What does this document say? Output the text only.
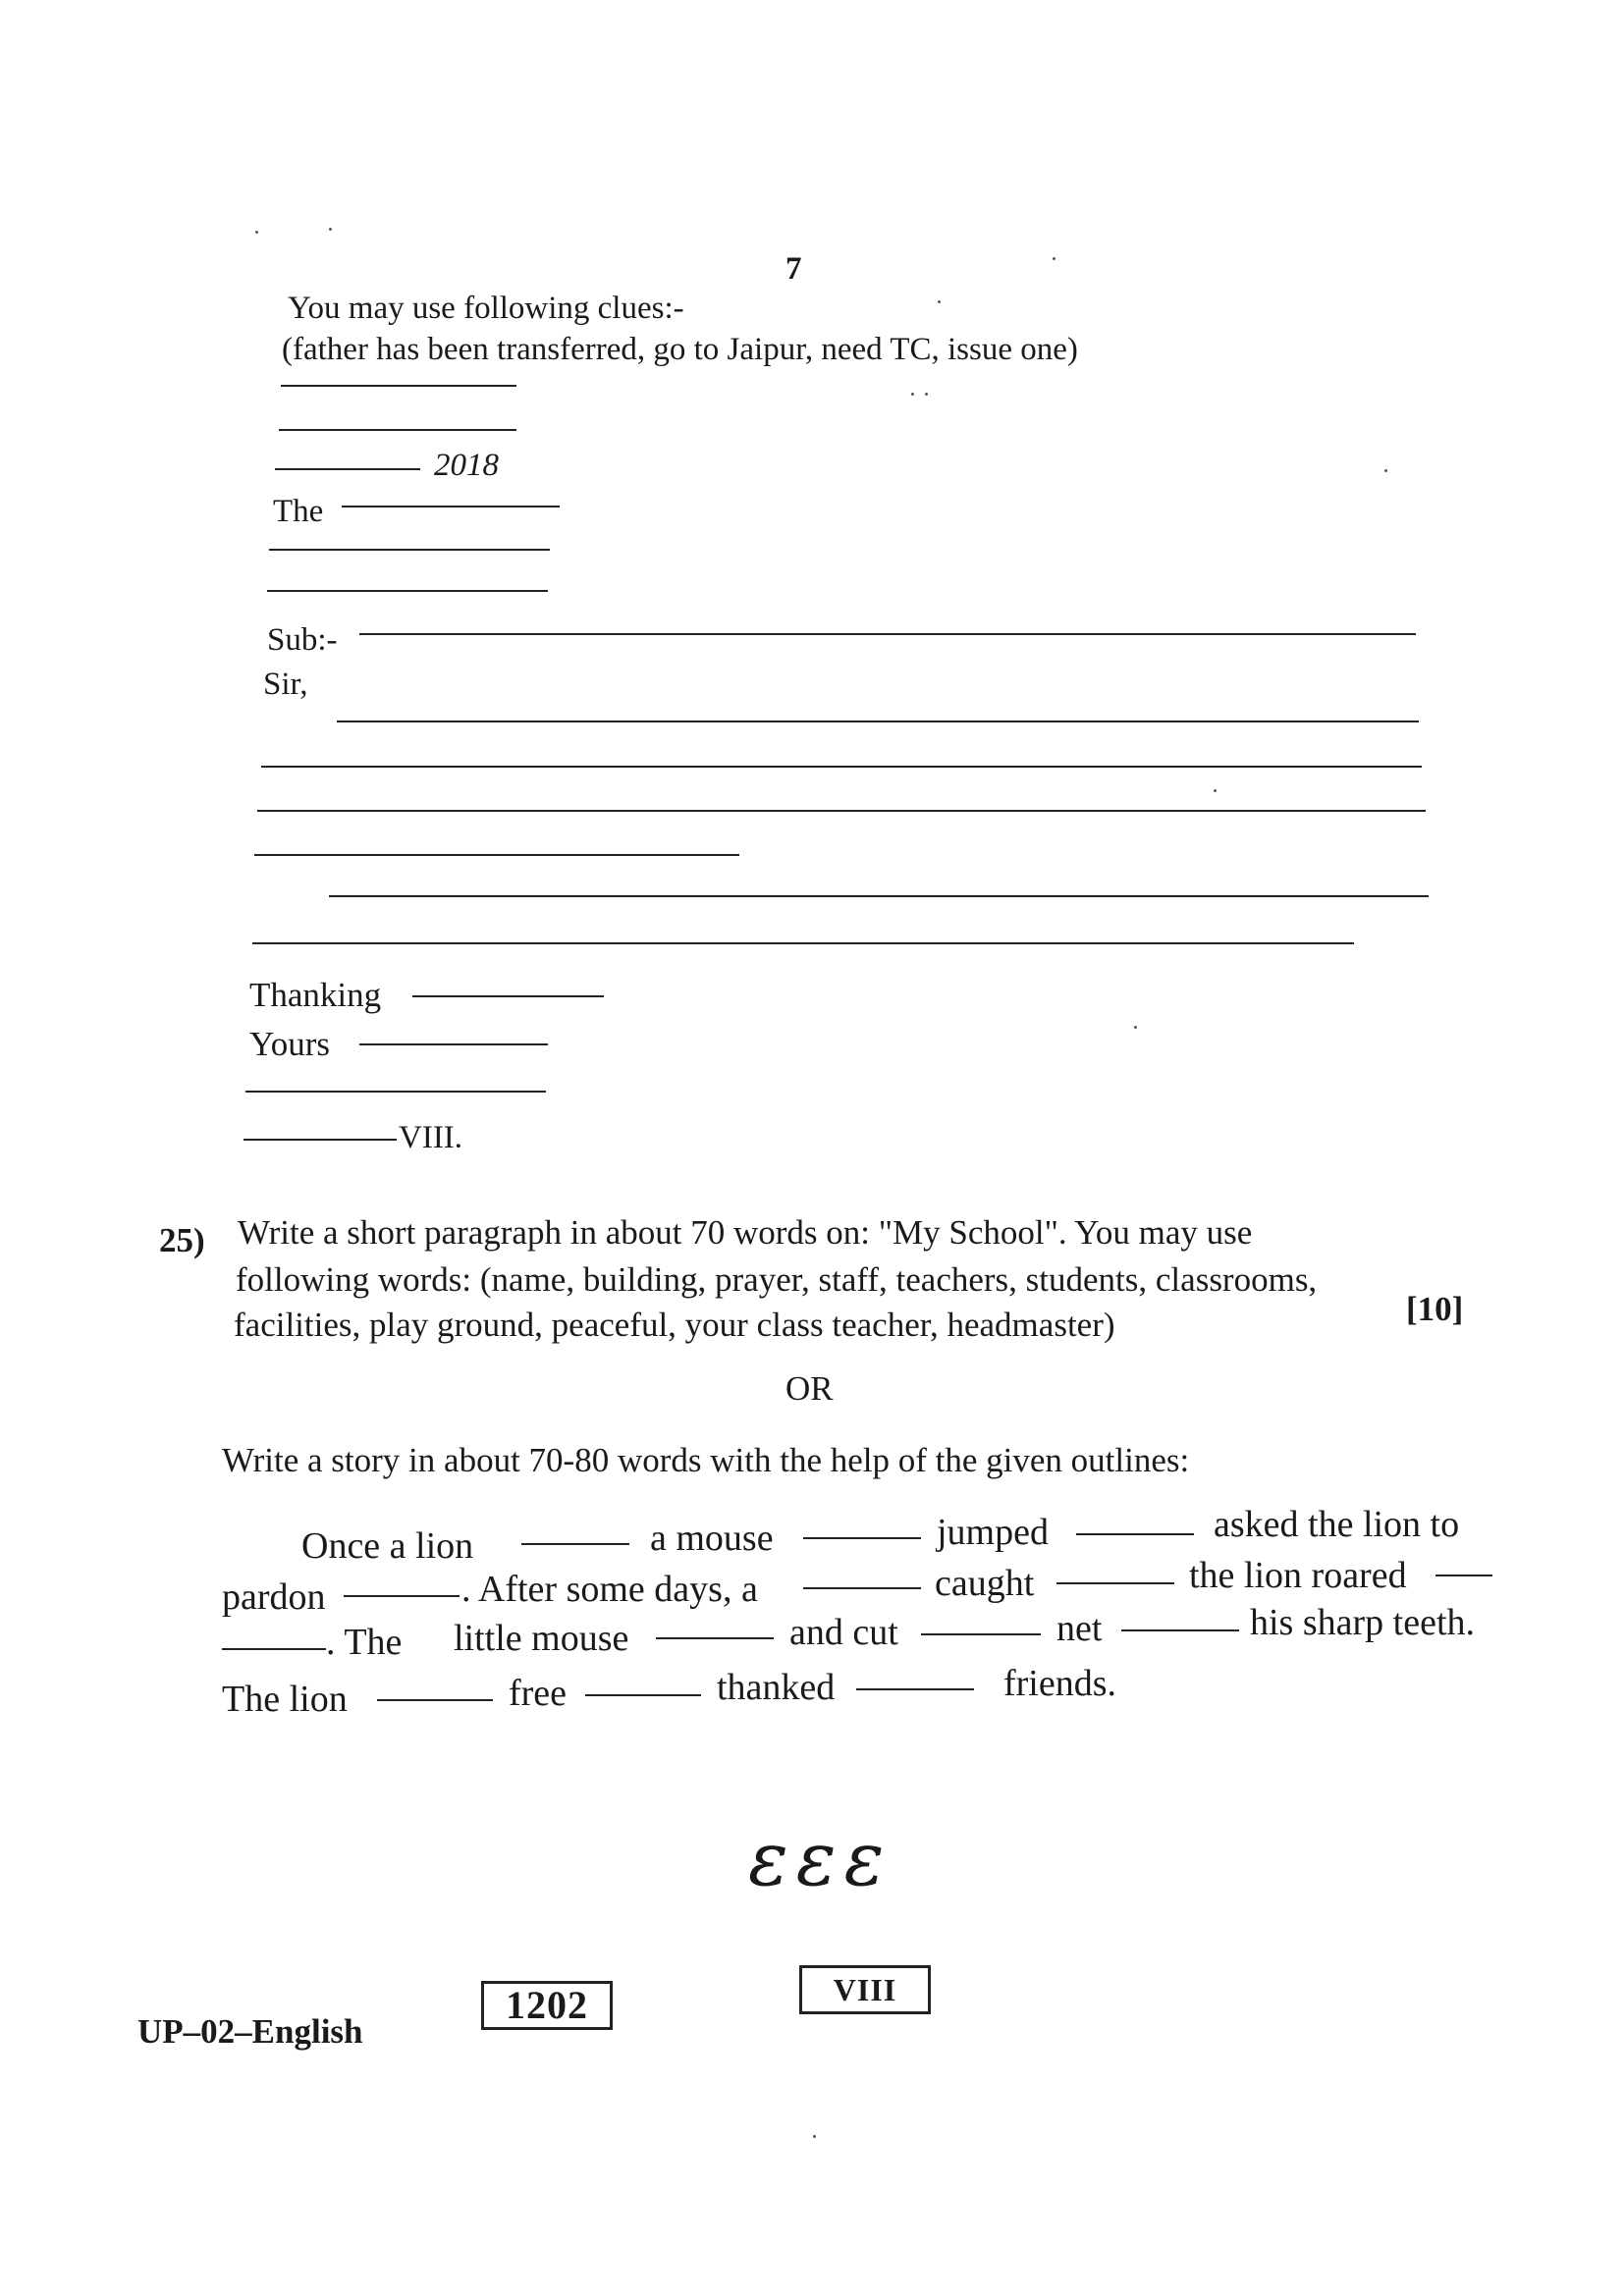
7
You may use following clues:-
(father has been transferred, go to Jaipur, need TC, issue one)
2018
The
Sub:-
Sir,
Thanking
Yours
VIII.
25) Write a short paragraph in about 70 words on: "My School". You may use
following words: (name, building, prayer, staff, teachers, students, classrooms,
facilities, play ground, peaceful, your class teacher, headmaster)	[10]
OR
Write a story in about 70-80 words with the help of the given outlines:
Once a lion	a mouse	jumped	asked the lion to
pardon	. After some days, a	caught	the lion roared
. The little mouse	and cut	net	his sharp teeth.
The lion	free	thanked	friends.
εεε
UP–02–English
1202	VIII
